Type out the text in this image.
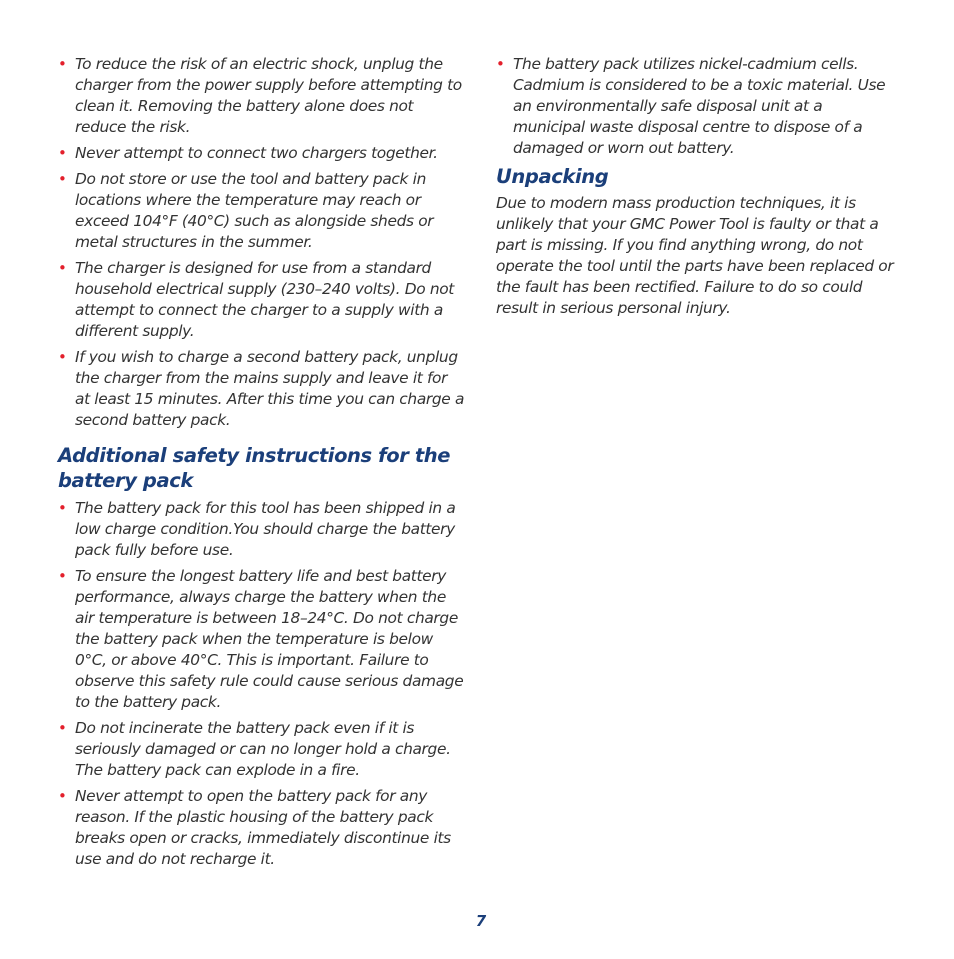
• To reduce the risk of an electric shock, unplug the charger from the power supply before attempting to clean it. Removing the battery alone does not reduce the risk.
• Never attempt to connect two chargers together.
• Do not store or use the tool and battery pack in locations where the temperature may reach or exceed 104°F (40°C) such as alongside sheds or metal structures in the summer.
• The charger is designed for use from a standard household electrical supply (230–240 volts). Do not attempt to connect the charger to a supply with a different supply.
• If you wish to charge a second battery pack, unplug the charger from the mains supply and leave it for at least 15 minutes. After this time you can charge a second battery pack.
Additional safety instructions for the battery pack
• The battery pack for this tool has been shipped in a low charge condition.You should charge the battery pack fully before use.
• To ensure the longest battery life and best battery performance, always charge the battery when the air temperature is between 18–24°C. Do not charge the battery pack when the temperature is below 0°C, or above 40°C. This is important. Failure to observe this safety rule could cause serious damage to the battery pack.
• Do not incinerate the battery pack even if it is seriously damaged or can no longer hold a charge. The battery pack can explode in a fire.
• Never attempt to open the battery pack for any reason. If the plastic housing of the battery pack breaks open or cracks, immediately discontinue its use and do not recharge it.
• The battery pack utilizes nickel-cadmium cells. Cadmium is considered to be a toxic material. Use an environmentally safe disposal unit at a municipal waste disposal centre to dispose of a damaged or worn out battery.
Unpacking

Due to modern mass production techniques, it is unlikely that your GMC Power Tool is faulty or that a part is missing. If you find anything wrong, do not operate the tool until the parts have been replaced or the fault has been rectified. Failure to do so could result in serious personal injury.

7
